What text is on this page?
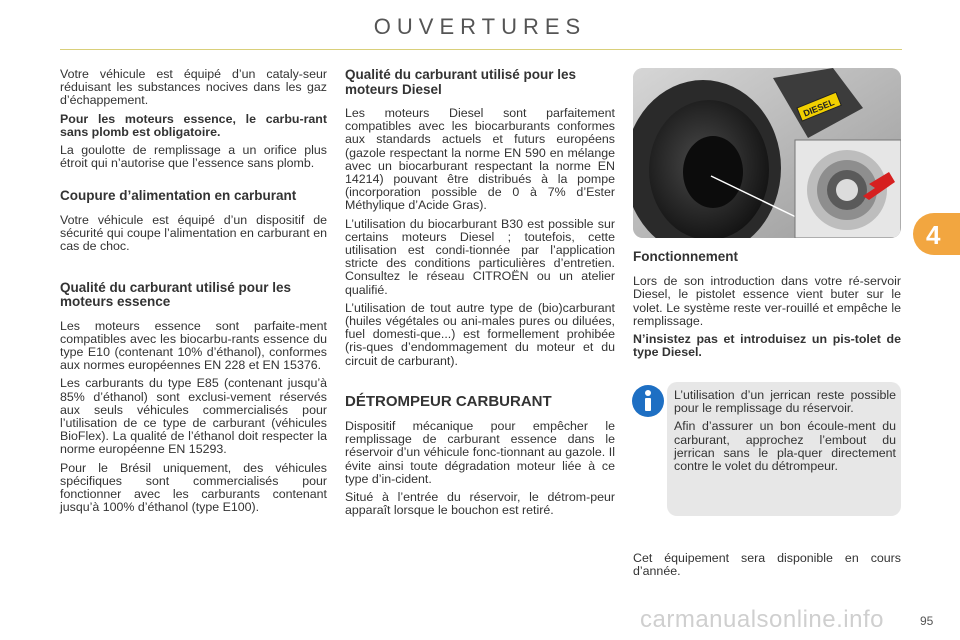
OUVERTURES

Votre véhicule est équipé d’un cataly-seur réduisant les substances nocives dans les gaz d’échappement.

Pour les moteurs essence, le carbu-rant sans plomb est obligatoire.

La goulotte de remplissage a un orifice plus étroit qui n’autorise que l’essence sans plomb.

Coupure d’alimentation en carburant

Votre véhicule est équipé d’un dispositif de sécurité qui coupe l’alimentation en carburant en cas de choc.

Qualité du carburant utilisé pour les moteurs essence

Les moteurs essence sont parfaite-ment compatibles avec les biocarbu-rants essence du type E10 (contenant 10% d’éthanol), conformes aux normes européennes EN 228 et EN 15376.

Les carburants du type E85 (contenant jusqu’à 85% d’éthanol) sont exclusi-vement réservés aux seuls véhicules commercialisés pour l’utilisation de ce type de carburant (véhicules BioFlex). La qualité de l’éthanol doit respecter la norme européenne EN 15293.

Pour le Brésil uniquement, des véhicules spécifiques sont commercialisés pour fonctionner avec les carburants contenant jusqu’à 100% d’éthanol (type E100).

Qualité du carburant utilisé pour les moteurs Diesel

Les moteurs Diesel sont parfaitement compatibles avec les biocarburants conformes aux standards actuels et futurs européens (gazole respectant la norme EN 590 en mélange avec un biocarburant respectant la norme EN 14214) pouvant être distribués à la pompe (incorporation possible de 0 à 7% d’Ester Méthylique d’Acide Gras).

L’utilisation du biocarburant B30 est possible sur certains moteurs Diesel ; toutefois, cette utilisation est condi-tionnée par l’application stricte des conditions particulières d’entretien. Consultez le réseau CITROËN ou un atelier qualifié.

L’utilisation de tout autre type de (bio)carburant (huiles végétales ou ani-males pures ou diluées, fuel domesti-que...) est formellement prohibée (ris-ques d’endommagement du moteur et du circuit de carburant).

DÉTROMPEUR CARBURANT

Dispositif mécanique pour empêcher le remplissage de carburant essence dans le réservoir d’un véhicule fonc-tionnant au gazole. Il évite ainsi toute dégradation moteur liée à ce type d’in-cident.

Situé à l’entrée du réservoir, le détrom-peur apparaît lorsque le bouchon est retiré.

DIESEL
Fonctionnement

Lors de son introduction dans votre ré-servoir Diesel, le pistolet essence vient buter sur le volet. Le système reste ver-rouillé et empêche le remplissage.

N’insistez pas et introduisez un pis-tolet de type Diesel.

L’utilisation d’un jerrican reste possible pour le remplissage du réservoir.

Afin d’assurer un bon écoule-ment du carburant, approchez l’embout du jerrican sans le pla-quer directement contre le volet du détrompeur.

Cet équipement sera disponible en cours d’année.

4
carmanualsonline.info	95
